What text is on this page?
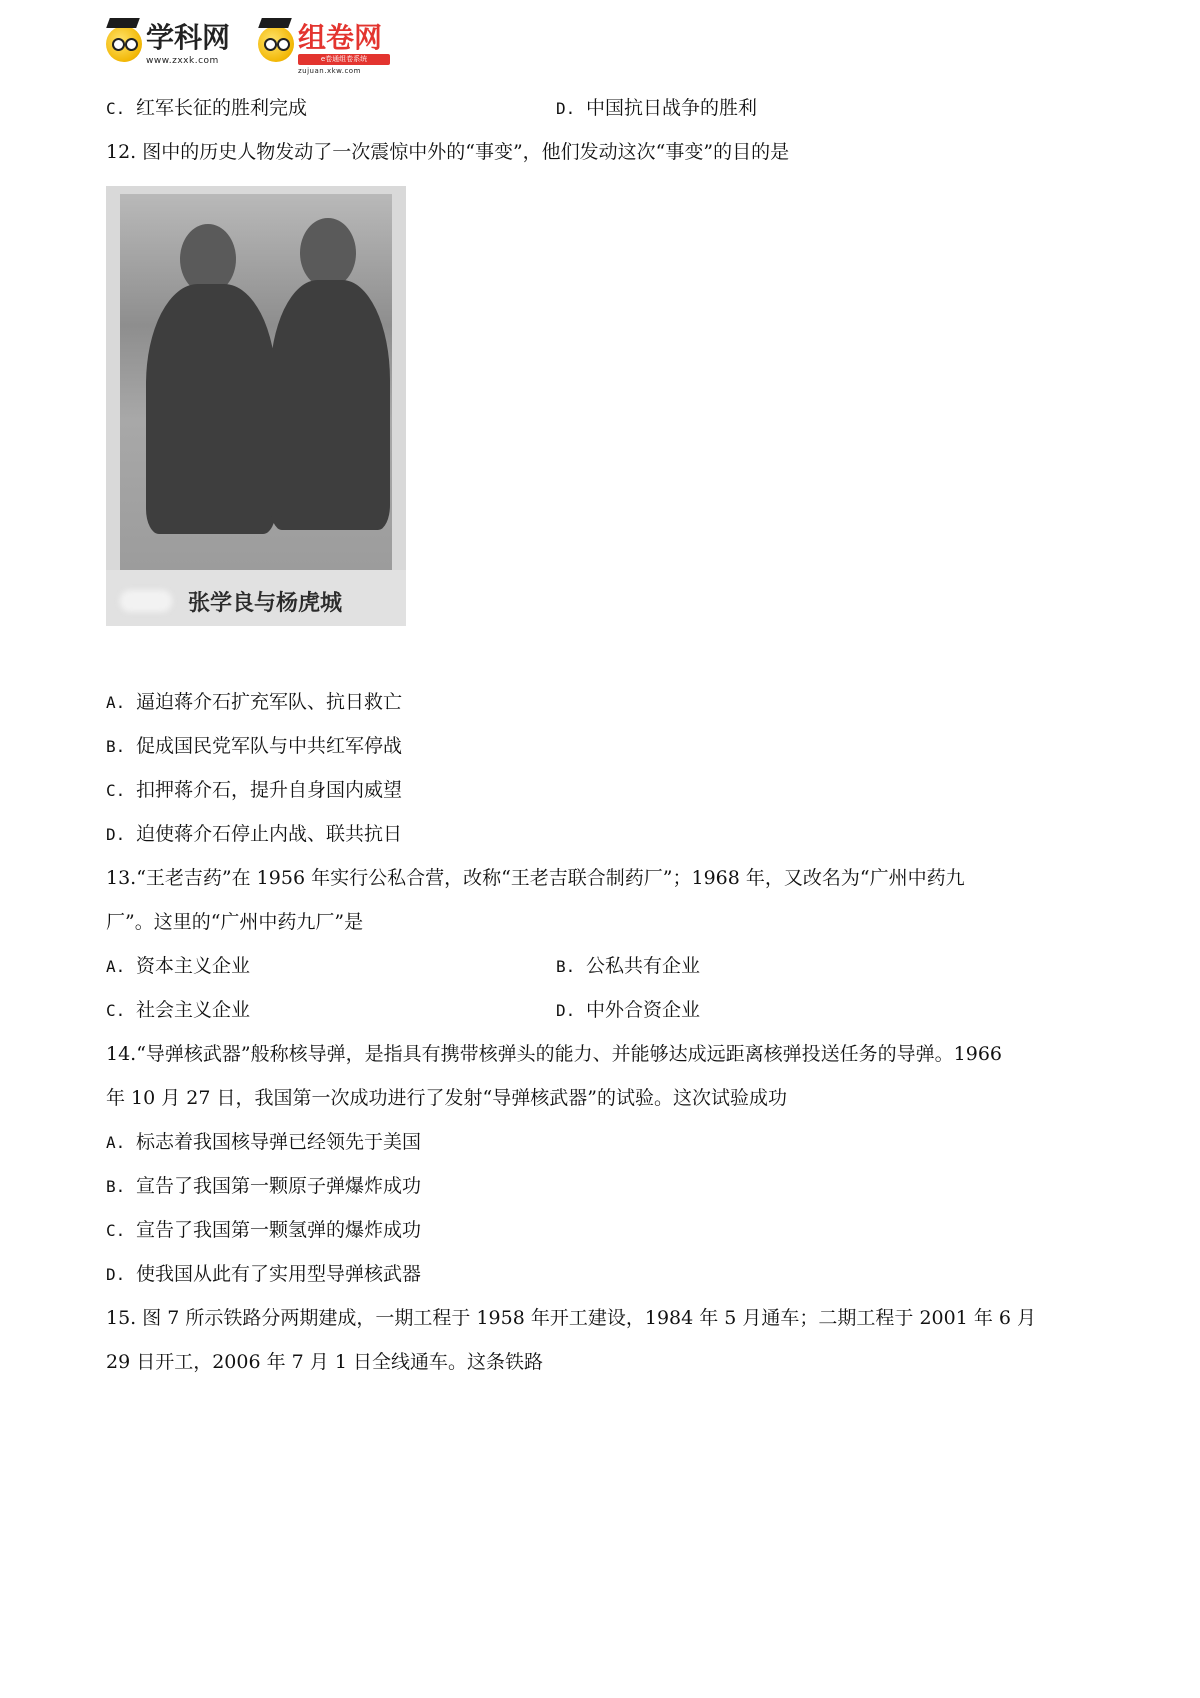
学科网
www.zxxk.com
组卷网
e卷通组卷系统
zujuan.xkw.com
C. 红军长征的胜利完成	D. 中国抗日战争的胜利
12. 图中的历史人物发动了一次震惊中外的“事变”，他们发动这次“事变”的目的是
张学良与杨虎城
A. 逼迫蒋介石扩充军队、抗日救亡
B. 促成国民党军队与中共红军停战
C. 扣押蒋介石，提升自身国内威望
D. 迫使蒋介石停止内战、联共抗日
13.“王老吉药”在 1956 年实行公私合营，改称“王老吉联合制药厂”；1968 年，又改名为“广州中药九
厂”。这里的“广州中药九厂”是
A. 资本主义企业	B. 公私共有企业
C. 社会主义企业	D. 中外合资企业
14.“导弹核武器”般称核导弹，是指具有携带核弹头的能力、并能够达成远距离核弹投送任务的导弹。1966
年 10 月 27 日，我国第一次成功进行了发射“导弹核武器”的试验。这次试验成功
A. 标志着我国核导弹已经领先于美国
B. 宣告了我国第一颗原子弹爆炸成功
C. 宣告了我国第一颗氢弹的爆炸成功
D. 使我国从此有了实用型导弹核武器
15. 图 7 所示铁路分两期建成，一期工程于 1958 年开工建设，1984 年 5 月通车；二期工程于 2001 年 6 月
29 日开工，2006 年 7 月 1 日全线通车。这条铁路
